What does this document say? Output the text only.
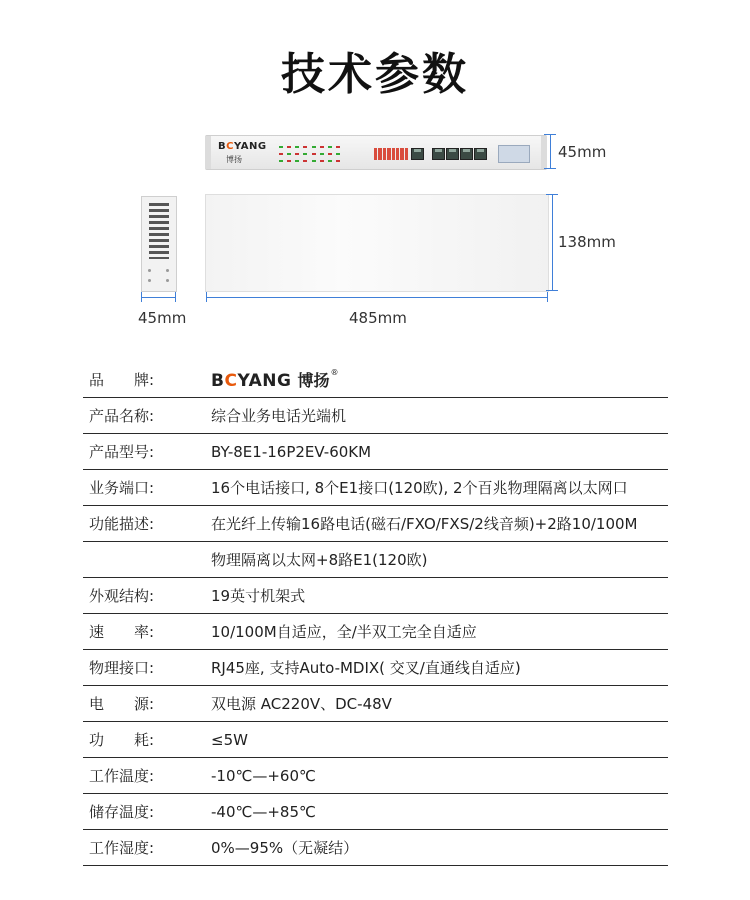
技术参数
BCYANG
博扬	45mm
45mm
138mm
485mm
品　　牌:	BCYANG 博扬®
产品名称:	综合业务电话光端机
产品型号:	BY-8E1-16P2EV-60KM
业务端口:	16个电话接口, 8个E1接口(120欧), 2个百兆物理隔离以太网口
功能描述:	在光纤上传输16路电话(磁石/FXO/FXS/2线音频)+2路10/100M
	物理隔离以太网+8路E1(120欧)
外观结构:	19英寸机架式
速　　率:	10/100M自适应，全/半双工完全自适应
物理接口:	RJ45座, 支持Auto-MDIX( 交叉/直通线自适应)
电　　源:	双电源 AC220V、DC-48V
功　　耗:	≤5W
工作温度:	-10℃—+60℃
储存温度:	-40℃—+85℃
工作湿度:	0%—95%（无凝结）
